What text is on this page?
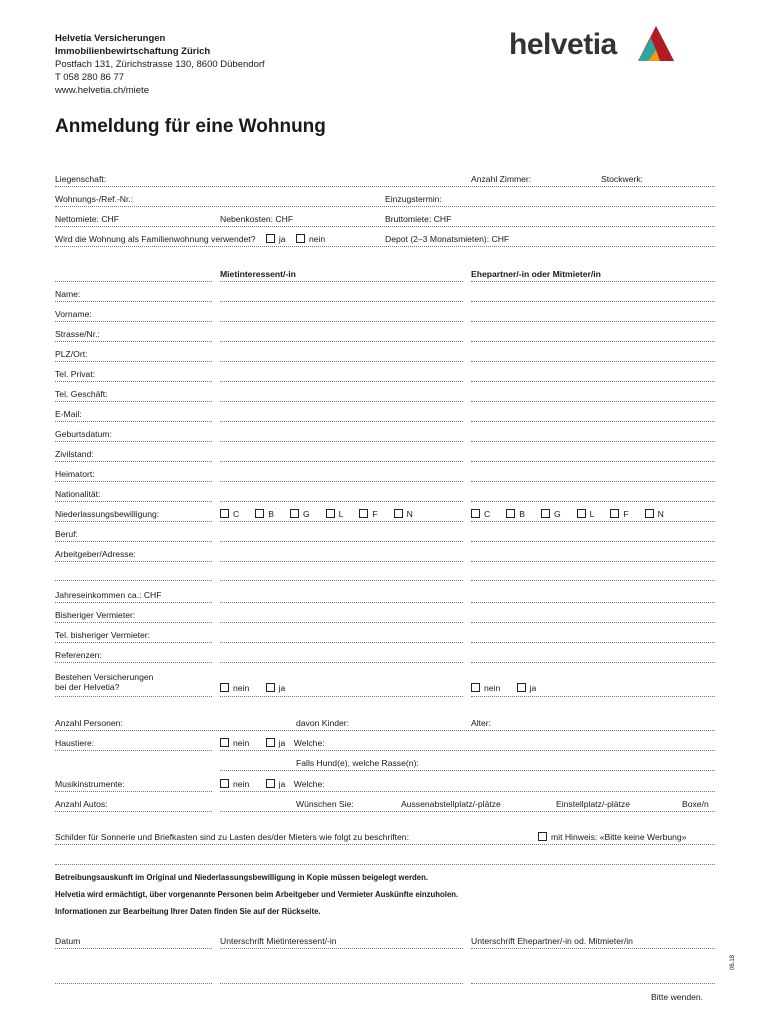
Helvetia Versicherungen
Immobilienbewirtschaftung Zürich
Postfach 131, Zürichstrasse 130, 8600 Dübendorf
T 058 280 86 77
www.helvetia.ch/miete
helvetia
Anmeldung für eine Wohnung
Liegenschaft:	Anzahl Zimmer:	Stockwerk:
Wohnungs-/Ref.-Nr.:	Einzugstermin:
Nettomiete: CHF	Nebenkosten: CHF	Bruttomiete: CHF
Wird die Wohnung als Familienwohnung verwendet?	ja	nein	Depot (2–3 Monatsmieten): CHF
Mietinteressent/-in	Ehepartner/-in oder Mitmieter/in
Name:
Vorname:
Strasse/Nr.:
PLZ/Ort:
Tel. Privat:
Tel. Geschäft:
E-Mail:
Geburtsdatum:
Zivilstand:
Heimatort:
Nationalität:
Niederlassungsbewilligung:	C	B	G	L	F	N	C	B	G	L	F	N
Beruf:
Arbeitgeber/Adresse:
Jahreseinkommen ca.: CHF
Bisheriger Vermieter:
Tel. bisheriger Vermieter:
Referenzen:
Bestehen Versicherungen
bei der Helvetia?	nein	ja	nein	ja
Anzahl Personen:	davon Kinder:	Alter:
Haustiere:	nein	ja Welche:
Falls Hund(e), welche Rasse(n):
Musikinstrumente:	nein	ja Welche:
Anzahl Autos:	Wünschen Sie:	Aussenabstellplatz/-plätze	Einstellplatz/-plätze	Boxe/n
Schilder für Sonnerie und Briefkasten sind zu Lasten des/der Mieters wie folgt zu beschriften:	mit Hinweis: «Bitte keine Werbung»
Betreibungsauskunft im Original und Niederlassungsbewilligung in Kopie müssen beigelegt werden.
Helvetia wird ermächtigt, über vorgenannte Personen beim Arbeitgeber und Vermieter Auskünfte einzuholen.
Informationen zur Bearbeitung Ihrer Daten finden Sie auf der Rückseite.
Datum	Unterschrift Mietinteressent/-in	Unterschrift Ehepartner/-in od. Mitmieter/in
Bitte wenden.
06.18
